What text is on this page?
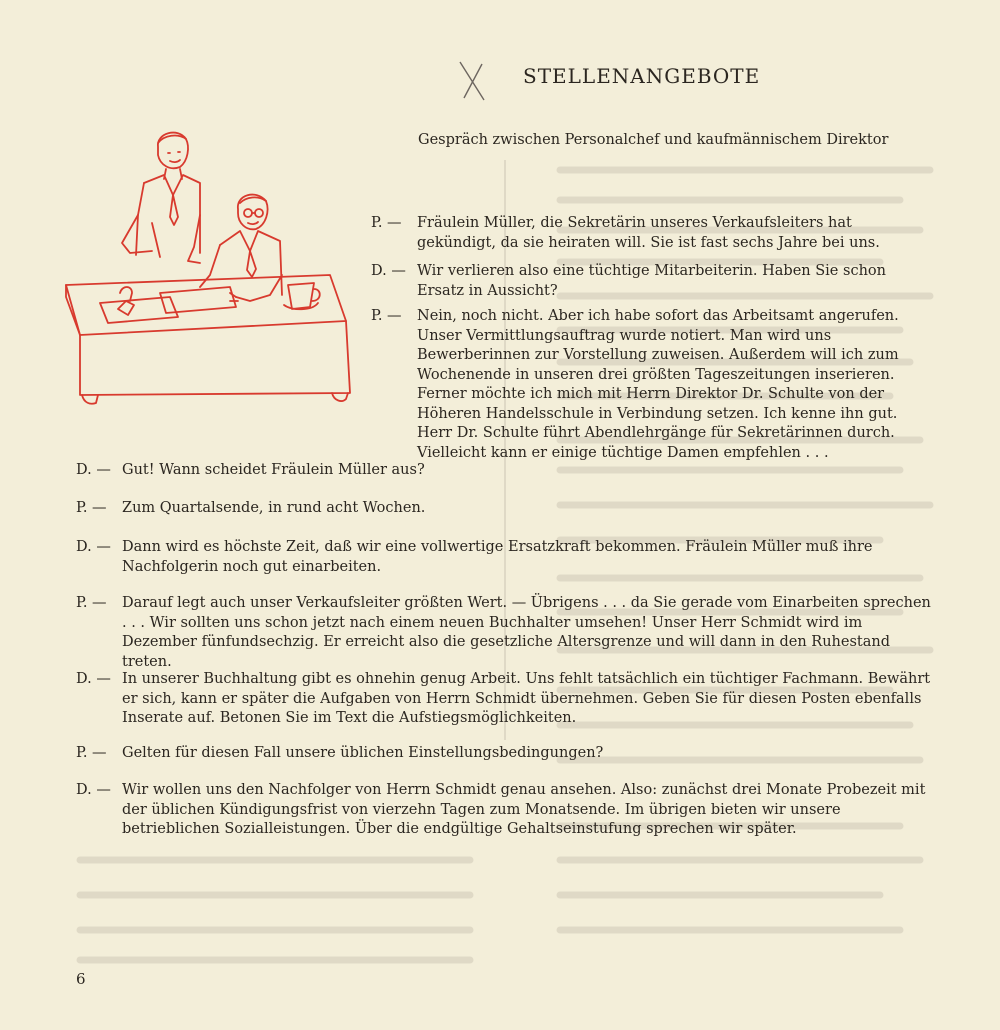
STELLENANGEBOTE
Gespräch zwischen Personalchef und kaufmännischem Direktor
P. — Fräulein Müller, die Sekretärin unseres Verkaufsleiters hat gekündigt, da sie heiraten will. Sie ist fast sechs Jahre bei uns.
D. — Wir verlieren also eine tüchtige Mitarbeiterin. Haben Sie schon Ersatz in Aussicht?
P. — Nein, noch nicht. Aber ich habe sofort das Arbeitsamt angerufen. Unser Vermittlungsauftrag wurde notiert. Man wird uns Bewerberinnen zur Vorstellung zuweisen. Außerdem will ich zum Wochenende in unseren drei größten Tageszeitungen inserieren. Ferner möchte ich mich mit Herrn Direktor Dr. Schulte von der Höheren Handelsschule in Verbindung setzen. Ich kenne ihn gut. Herr Dr. Schulte führt Abendlehrgänge für Sekretärinnen durch. Vielleicht kann er einige tüchtige Damen empfehlen . . .
D. — Gut! Wann scheidet Fräulein Müller aus?
P. — Zum Quartalsende, in rund acht Wochen.
D. — Dann wird es höchste Zeit, daß wir eine vollwertige Ersatzkraft bekommen. Fräulein Müller muß ihre Nachfolgerin noch gut einarbeiten.
P. — Darauf legt auch unser Verkaufsleiter größten Wert. — Übrigens . . . da Sie gerade vom Einarbeiten sprechen . . . Wir sollten uns schon jetzt nach einem neuen Buchhalter umsehen! Unser Herr Schmidt wird im Dezember fünfundsechzig. Er erreicht also die gesetzliche Altersgrenze und will dann in den Ruhestand treten.
D. — In unserer Buchhaltung gibt es ohnehin genug Arbeit. Uns fehlt tatsächlich ein tüchtiger Fachmann. Bewährt er sich, kann er später die Aufgaben von Herrn Schmidt übernehmen. Geben Sie für diesen Posten ebenfalls Inserate auf. Betonen Sie im Text die Aufstiegsmöglichkeiten.
P. — Gelten für diesen Fall unsere üblichen Einstellungsbedingungen?
D. — Wir wollen uns den Nachfolger von Herrn Schmidt genau ansehen. Also: zunächst drei Monate Probezeit mit der üblichen Kündigungsfrist von vierzehn Tagen zum Monatsende. Im übrigen bieten wir unsere betrieblichen Sozialleistungen. Über die endgültige Gehaltseinstufung sprechen wir später.
6
